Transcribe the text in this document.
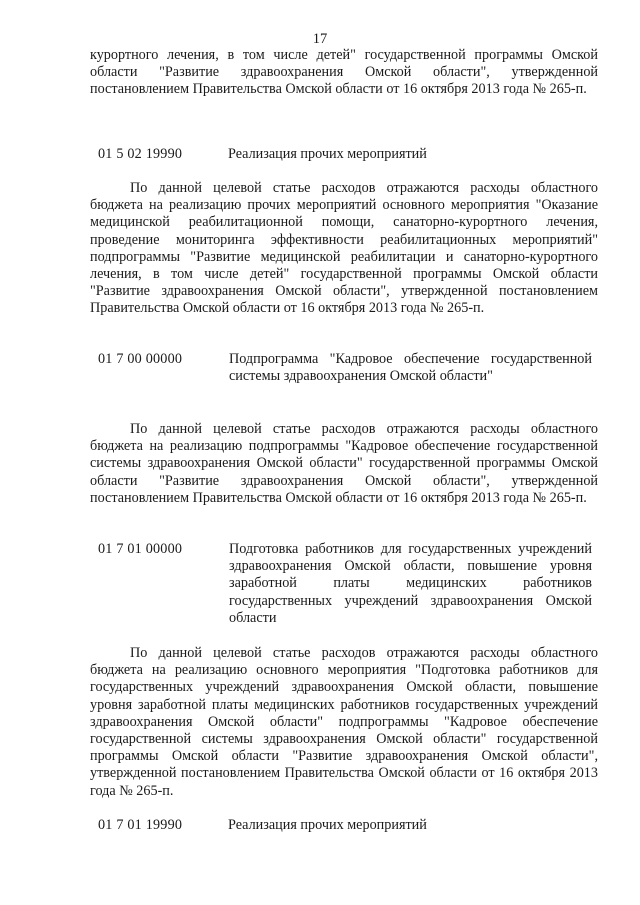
17

курортного лечения, в том числе детей" государственной программы Омской области "Развитие здравоохранения Омской области", утвержденной постановлением Правительства Омской области от 16 октября 2013 года № 265-п.

01 5 02 19990	Реализация прочих мероприятий

По данной целевой статье расходов отражаются расходы областного бюджета на реализацию прочих мероприятий основного мероприятия "Оказание медицинской реабилитационной помощи, санаторно-курортного лечения, проведение мониторинга эффективности реабилитационных мероприятий" подпрограммы "Развитие медицинской реабилитации и санаторно-курортного лечения, в том числе детей" государственной программы Омской области "Развитие здравоохранения Омской области", утвержденной постановлением Правительства Омской области от 16 октября 2013 года № 265-п.

01 7 00 00000	Подпрограмма "Кадровое обеспечение государственной системы здравоохранения Омской области"

По данной целевой статье расходов отражаются расходы областного бюджета на реализацию подпрограммы "Кадровое обеспечение государственной системы здравоохранения Омской области" государственной программы Омской области "Развитие здравоохранения Омской области", утвержденной постановлением Правительства Омской области от 16 октября 2013 года № 265-п.

01 7 01 00000	Подготовка работников для государственных учреждений здравоохранения Омской области, повышение уровня заработной платы медицинских работников государственных учреждений здравоохранения Омской области

По данной целевой статье расходов отражаются расходы областного бюджета на реализацию основного мероприятия "Подготовка работников для государственных учреждений здравоохранения Омской области, повышение уровня заработной платы медицинских работников государственных учреждений здравоохранения Омской области" подпрограммы "Кадровое обеспечение государственной системы здравоохранения Омской области" государственной программы Омской области "Развитие здравоохранения Омской области", утвержденной постановлением Правительства Омской области от 16 октября 2013 года № 265-п.

01 7 01 19990	Реализация прочих мероприятий
